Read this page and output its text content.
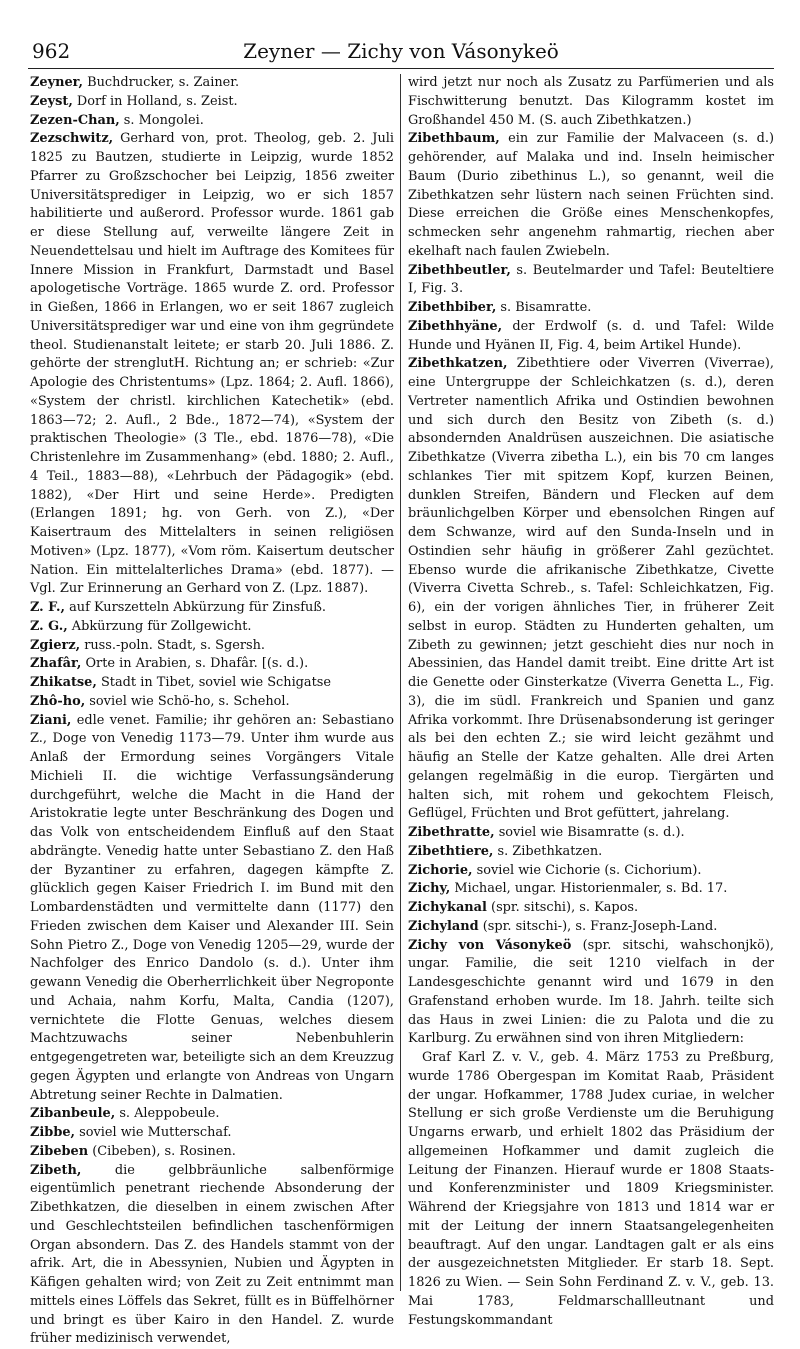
962	Zeyner — Zichy von Vásonykeö

Zeyner, Buchdrucker, s. Zainer.

Zeyst, Dorf in Holland, s. Zeist.

Zezen-Chan, s. Mongolei.

Zezschwitz, Gerhard von, prot. Theolog, geb. 2. Juli 1825 zu Bautzen, studierte in Leipzig, wurde 1852 Pfarrer zu Großzschocher bei Leipzig, 1856 zweiter Universitätsprediger in Leipzig, wo er sich 1857 habilitierte und außerord. Professor wurde. 1861 gab er diese Stellung auf, verweilte längere Zeit in Neuendettelsau und hielt im Auftrage des Komitees für Innere Mission in Frankfurt, Darmstadt und Basel apologetische Vorträge. 1865 wurde Z. ord. Professor in Gießen, 1866 in Erlangen, wo er seit 1867 zugleich Universitätsprediger war und eine von ihm gegründete theol. Studienanstalt leitete; er starb 20. Juli 1886. Z. gehörte der strenglutH. Richtung an; er schrieb: «Zur Apologie des Christentums» (Lpz. 1864; 2. Aufl. 1866), «System der christl. kirchlichen Katechetik» (ebd. 1863—72; 2. Aufl., 2 Bde., 1872—74), «System der praktischen Theologie» (3 Tle., ebd. 1876—78), «Die Christenlehre im Zusammenhang» (ebd. 1880; 2. Aufl., 4 Teil., 1883—88), «Lehrbuch der Pädagogik» (ebd. 1882), «Der Hirt und seine Herde». Predigten (Erlangen 1891; hg. von Gerh. von Z.), «Der Kaisertraum des Mittelalters in seinen religiösen Motiven» (Lpz. 1877), «Vom röm. Kaisertum deutscher Nation. Ein mittelalterliches Drama» (ebd. 1877). — Vgl. Zur Erinnerung an Gerhard von Z. (Lpz. 1887).

Z. F., auf Kurszetteln Abkürzung für Zinsfuß.

Z. G., Abkürzung für Zollgewicht.

Zgierz, russ.-poln. Stadt, s. Sgersh.

Zhafâr, Orte in Arabien, s. Dhafâr. [(s. d.).

Zhikatse, Stadt in Tibet, soviel wie Schigatse

Zhô-ho, soviel wie Schö-ho, s. Schehol.

Ziani, edle venet. Familie; ihr gehören an: Sebastiano Z., Doge von Venedig 1173—79. Unter ihm wurde aus Anlaß der Ermordung seines Vorgängers Vitale Michieli II. die wichtige Verfassungsänderung durchgeführt, welche die Macht in die Hand der Aristokratie legte unter Beschränkung des Dogen und das Volk von entscheidendem Einfluß auf den Staat abdrängte. Venedig hatte unter Sebastiano Z. den Haß der Byzantiner zu erfahren, dagegen kämpfte Z. glücklich gegen Kaiser Friedrich I. im Bund mit den Lombardenstädten und vermittelte dann (1177) den Frieden zwischen dem Kaiser und Alexander III. Sein Sohn Pietro Z., Doge von Venedig 1205—29, wurde der Nachfolger des Enrico Dandolo (s. d.). Unter ihm gewann Venedig die Oberherrlichkeit über Negroponte und Achaia, nahm Korfu, Malta, Candia (1207), vernichtete die Flotte Genuas, welches diesem Machtzuwachs seiner Nebenbuhlerin entgegengetreten war, beteiligte sich an dem Kreuzzug gegen Ägypten und erlangte von Andreas von Ungarn Abtretung seiner Rechte in Dalmatien.

Zibanbeule, s. Aleppobeule.

Zibbe, soviel wie Mutterschaf.

Zibeben (Cibeben), s. Rosinen.

Zibeth, die gelbbräunliche salbenförmige eigentümlich penetrant riechende Absonderung der Zibethkatzen, die dieselben in einem zwischen After und Geschlechtsteilen befindlichen taschenförmigen Organ absondern. Das Z. des Handels stammt von der afrik. Art, die in Abessynien, Nubien und Ägypten in Käfigen gehalten wird; von Zeit zu Zeit entnimmt man mittels eines Löffels das Sekret, füllt es in Büffelhörner und bringt es über Kairo in den Handel. Z. wurde früher medizinisch verwendet,

wird jetzt nur noch als Zusatz zu Parfümerien und als Fischwitterung benutzt. Das Kilogramm kostet im Großhandel 450 M. (S. auch Zibethkatzen.)

Zibethbaum, ein zur Familie der Malvaceen (s. d.) gehörender, auf Malaka und ind. Inseln heimischer Baum (Durio zibethinus L.), so genannt, weil die Zibethkatzen sehr lüstern nach seinen Früchten sind. Diese erreichen die Größe eines Menschenkopfes, schmecken sehr angenehm rahmartig, riechen aber ekelhaft nach faulen Zwiebeln.

Zibethbeutler, s. Beutelmarder und Tafel: Beuteltiere I, Fig. 3.

Zibethbiber, s. Bisamratte.

Zibethhyäne, der Erdwolf (s. d. und Tafel: Wilde Hunde und Hyänen II, Fig. 4, beim Artikel Hunde).

Zibethkatzen, Zibethtiere oder Viverren (Viverrae), eine Untergruppe der Schleichkatzen (s. d.), deren Vertreter namentlich Afrika und Ostindien bewohnen und sich durch den Besitz von Zibeth (s. d.) absondernden Analdrüsen auszeichnen. Die asiatische Zibethkatze (Viverra zibetha L.), ein bis 70 cm langes schlankes Tier mit spitzem Kopf, kurzen Beinen, dunklen Streifen, Bändern und Flecken auf dem bräunlichgelben Körper und ebensolchen Ringen auf dem Schwanze, wird auf den Sunda-Inseln und in Ostindien sehr häufig in größerer Zahl gezüchtet. Ebenso wurde die afrikanische Zibethkatze, Civette (Viverra Civetta Schreb., s. Tafel: Schleichkatzen, Fig. 6), ein der vorigen ähnliches Tier, in früherer Zeit selbst in europ. Städten zu Hunderten gehalten, um Zibeth zu gewinnen; jetzt geschieht dies nur noch in Abessinien, das Handel damit treibt. Eine dritte Art ist die Genette oder Ginsterkatze (Viverra Genetta L., Fig. 3), die im südl. Frankreich und Spanien und ganz Afrika vorkommt. Ihre Drüsenabsonderung ist geringer als bei den echten Z.; sie wird leicht gezähmt und häufig an Stelle der Katze gehalten. Alle drei Arten gelangen regelmäßig in die europ. Tiergärten und halten sich, mit rohem und gekochtem Fleisch, Geflügel, Früchten und Brot gefüttert, jahrelang.

Zibethratte, soviel wie Bisamratte (s. d.).

Zibethtiere, s. Zibethkatzen.

Zichorie, soviel wie Cichorie (s. Cichorium).

Zichy, Michael, ungar. Historienmaler, s. Bd. 17.

Zichykanal (spr. sitschi), s. Kapos.

Zichyland (spr. sitschi-), s. Franz-Joseph-Land.

Zichy von Vásonykeö (spr. sitschi, wahschonjkö), ungar. Familie, die seit 1210 vielfach in der Landesgeschichte genannt wird und 1679 in den Grafenstand erhoben wurde. Im 18. Jahrh. teilte sich das Haus in zwei Linien: die zu Palota und die zu Karlburg. Zu erwähnen sind von ihren Mitgliedern:

Graf Karl Z. v. V., geb. 4. März 1753 zu Preßburg, wurde 1786 Obergespan im Komitat Raab, Präsident der ungar. Hofkammer, 1788 Judex curiae, in welcher Stellung er sich große Verdienste um die Beruhigung Ungarns erwarb, und erhielt 1802 das Präsidium der allgemeinen Hofkammer und damit zugleich die Leitung der Finanzen. Hierauf wurde er 1808 Staats- und Konferenzminister und 1809 Kriegsminister. Während der Kriegsjahre von 1813 und 1814 war er mit der Leitung der innern Staatsangelegenheiten beauftragt. Auf den ungar. Landtagen galt er als eins der ausgezeichnetsten Mitglieder. Er starb 18. Sept. 1826 zu Wien. — Sein Sohn Ferdinand Z. v. V., geb. 13. Mai 1783, Feldmarschallleutnant und Festungskommandant
